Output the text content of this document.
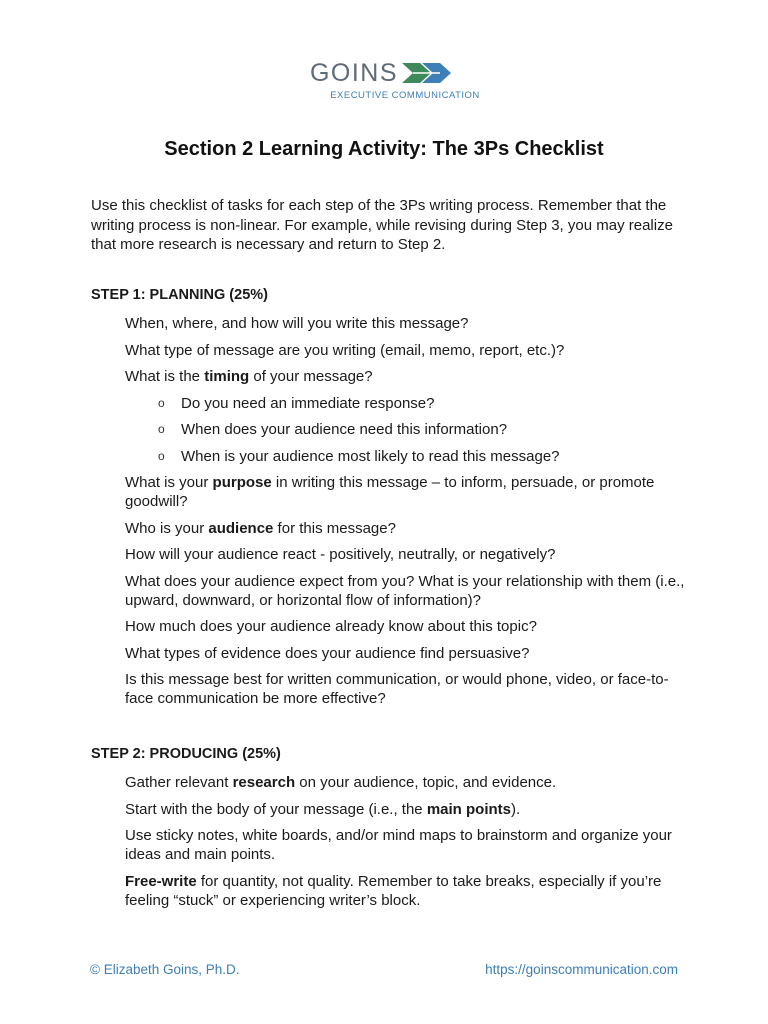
GOINS
EXECUTIVE COMMUNICATION
Section 2 Learning Activity: The 3Ps Checklist
Use this checklist of tasks for each step of the 3Ps writing process. Remember that the writing process is non-linear. For example, while revising during Step 3, you may realize that more research is necessary and return to Step 2.
STEP 1: PLANNING (25%)
When, where, and how will you write this message?
What type of message are you writing (email, memo, report, etc.)?
What is the timing of your message?
o	Do you need an immediate response?
o	When does your audience need this information?
o	When is your audience most likely to read this message?
What is your purpose in writing this message – to inform, persuade, or promote goodwill?
Who is your audience for this message?
How will your audience react - positively, neutrally, or negatively?
What does your audience expect from you? What is your relationship with them (i.e., upward, downward, or horizontal flow of information)?
How much does your audience already know about this topic?
What types of evidence does your audience find persuasive?
Is this message best for written communication, or would phone, video, or face-to-face communication be more effective?
STEP 2: PRODUCING (25%)
Gather relevant research on your audience, topic, and evidence.
Start with the body of your message (i.e., the main points).
Use sticky notes, white boards, and/or mind maps to brainstorm and organize your ideas and main points.
Free-write for quantity, not quality. Remember to take breaks, especially if you’re feeling “stuck” or experiencing writer’s block.
© Elizabeth Goins, Ph.D.	https://goinscommunication.com
